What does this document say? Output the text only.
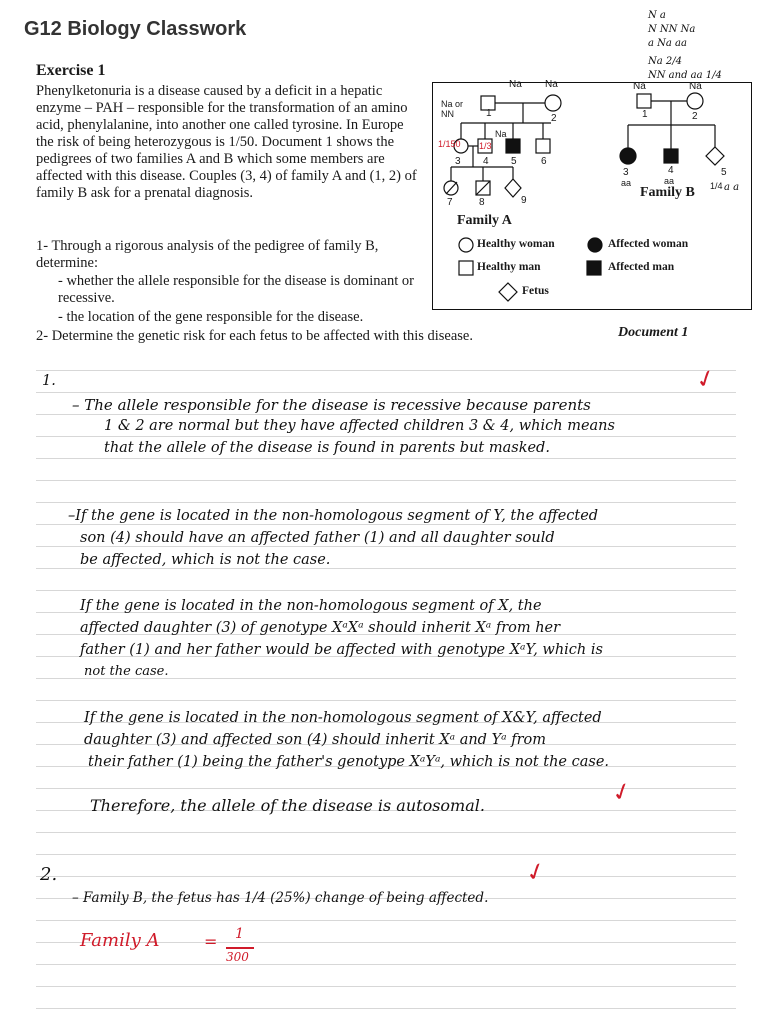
G12 Biology Classwork
Exercise 1
Phenylketonuria is a disease caused by a deficit in a hepatic enzyme – PAH – responsible for the transformation of an amino acid, phenylalanine, into another one called tyrosine. In Europe the risk of being heterozygous is 1/50. Document 1 shows the pedigrees of two families A and B which some members are affected with this disease. Couples (3, 4) of family A and (1, 2) of family B ask for a prenatal diagnosis.
1- Through a rigorous analysis of the pedigree of family B, determine:
- whether the allele responsible for the disease is dominant or recessive.
- the location of the gene responsible for the disease.
2- Determine the genetic risk for each fetus to be affected with this disease.	Document 1
Na Na
Na or NN
Na
1/150 1/3
1	2
3 4 5 6
7	8	9
Family A
Na	Na
1	2
3	4	5
aa	aa	1/4
Family B
Healthy woman	Affected woman
Healthy man	Affected man
Fetus
N a
N NN Na
a Na aa
Na 2/4
NN and aa 1/4
a a
1.
– The allele responsible for the disease is recessive because parents
1 & 2 are normal but they have affected children 3 & 4, which means
that the allele of the disease is found in parents but masked.
✓
–If the gene is located in the non-homologous segment of Y, the affected
son (4) should have an affected father (1) and all daughter sould
be affected, which is not the case.
If the gene is located in the non-homologous segment of X, the
affected daughter (3) of genotype XᵃXᵃ should inherit Xᵃ from her
father (1) and her father would be affected with genotype XᵃY, which is
not the case.
If the gene is located in the non-homologous segment of X&Y, affected
daughter (3) and affected son (4) should inherit Xᵃ and Yᵃ from
their father (1) being the father's genotype XᵃYᵃ, which is not the case.
Therefore, the allele of the disease is autosomal.	✓
2.
– Family B, the fetus has 1/4 (25%) change of being affected.
✓
Family A	= 1
300
